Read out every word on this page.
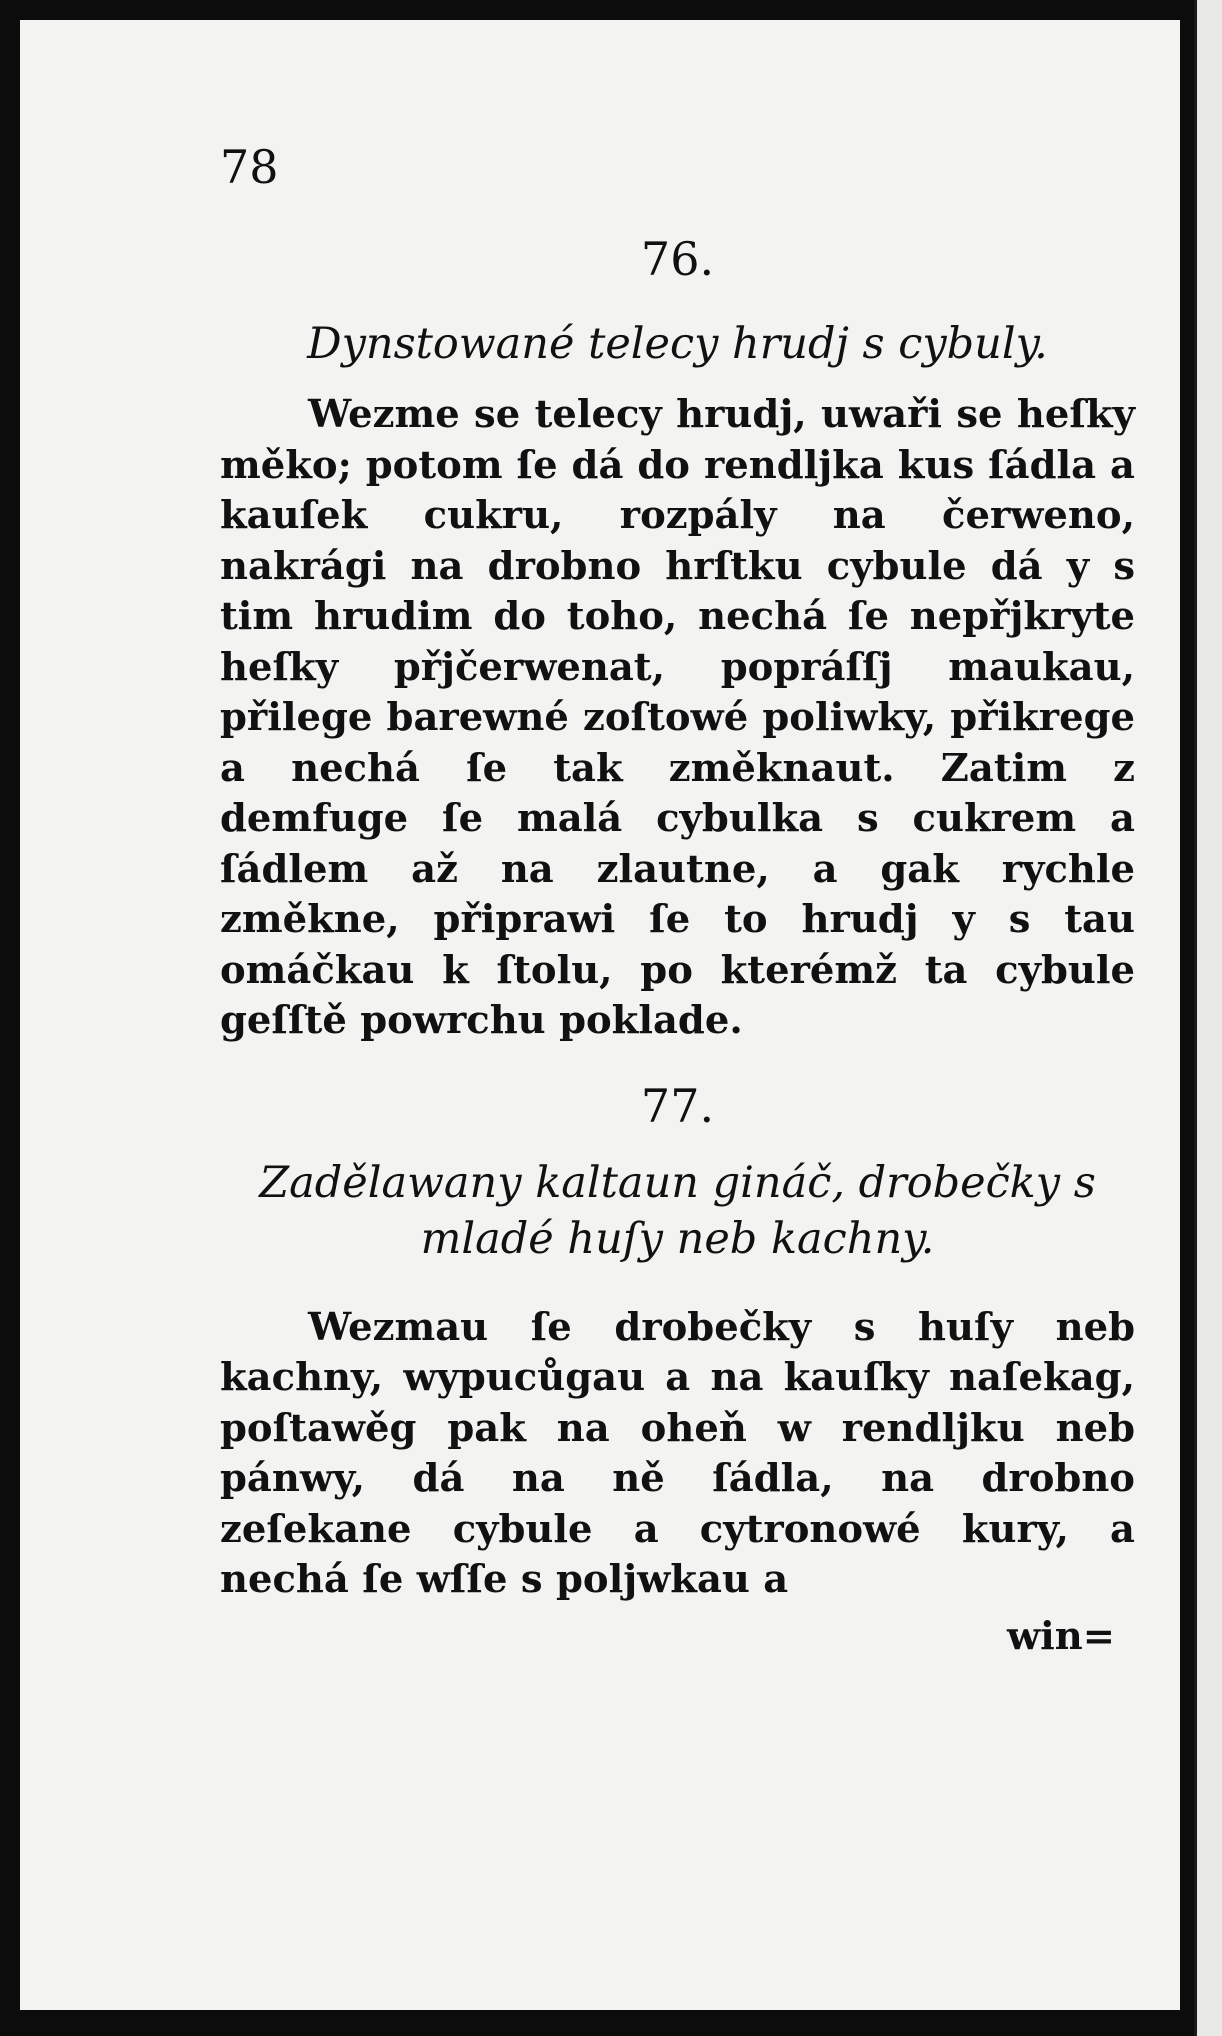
78
76.
Dynstowané telecy hrudj s cybuly.

Wezme se telecy hrudj, uwaři se heſky měko; potom ſe dá do rendljka kus ſádla a kauſek cukru, rozpály na čerweno, nakrági na drobno hrſtku cybule dá y s tim hrudim do toho, nechá ſe nepřjkryte heſky přjčerwenat, popráſſj maukau, přilege barewné zoſtowé poliwky, přikrege a nechá ſe tak změknaut. Zatim z demfuge ſe malá cybulka s cukrem a ſádlem až na zlautne, a gak rychle změkne, připrawi ſe to hrudj y s tau omáčkau k ſtolu, po kterémž ta cybule geſſtě powrchu poklade.

77.
Zadělawany kaltaun gináč, drobečky s mladé huſy neb kachny.

Wezmau ſe drobečky s huſy neb kachny, wypucůgau a na kauſky naſekag, poſtawěg pak na oheň w rendljku neb pánwy, dá na ně ſádla, na drobno zeſekane cybule a cytronowé kury, a nechá ſe wſſe s poljwkau a

win=
